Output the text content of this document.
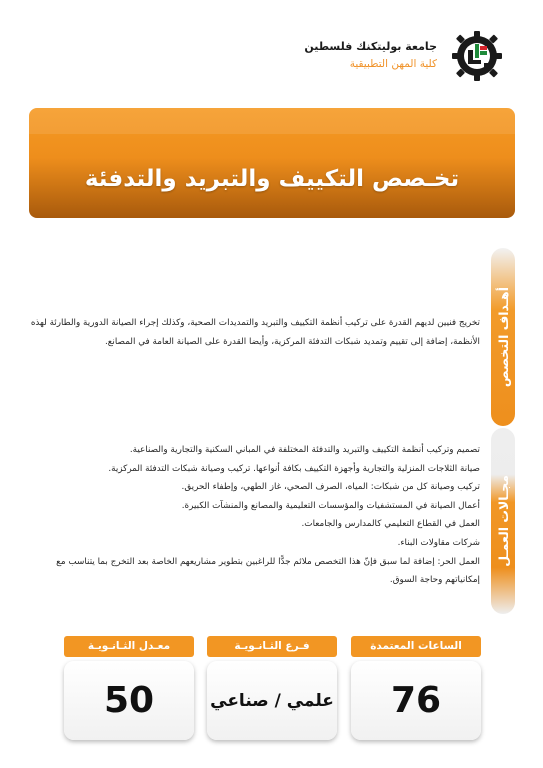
جامعة بوليتكنك فلسطين
كلية المهن التطبيقية
تخـصص التكييف والتبريد والتدفئة
أهـداف التخصص

تخريج فنيين لديهم القدرة على تركيب أنظمة التكييف والتبريد والتمديدات الصحية، وكذلك إجراء الصيانة الدورية والطارئة لهذه الأنظمة، إضافة إلى تقييم وتمديد شبكات التدفئة المركزية، وأيضا القدرة على الصيانة العامة في المصانع.

مجـالات العمـل
تصميم وتركيب أنظمة التكييف والتبريد والتدفئة المختلفة في المباني السكنية والتجارية والصناعية.
صيانة الثلاجات المنزلية والتجارية وأجهزة التكييف بكافة أنواعها. تركيب وصيانة شبكات التدفئة المركزية.
تركيب وصيانة كل من شبكات: المياه، الصرف الصحي، غاز الطهي، وإطفاء الحريق.
أعمال الصيانة في المستشفيات والمؤسسات التعليمية والمصانع والمنشآت الكبيرة.
العمل في القطاع التعليمي كالمدارس والجامعات.
شركات مقاولات البناء.
العمل الحر: إضافة لما سبق فإنّ هذا التخصص ملائم جدًّا للراغبين بتطوير مشاريعهم الخاصة بعد التخرج بما يتناسب مع إمكانياتهم وحاجة السوق.
الساعات المعتمدة
76
فـرع الثـانـويـة
علمي / صناعي
معـدل الثـانـويـة
50
